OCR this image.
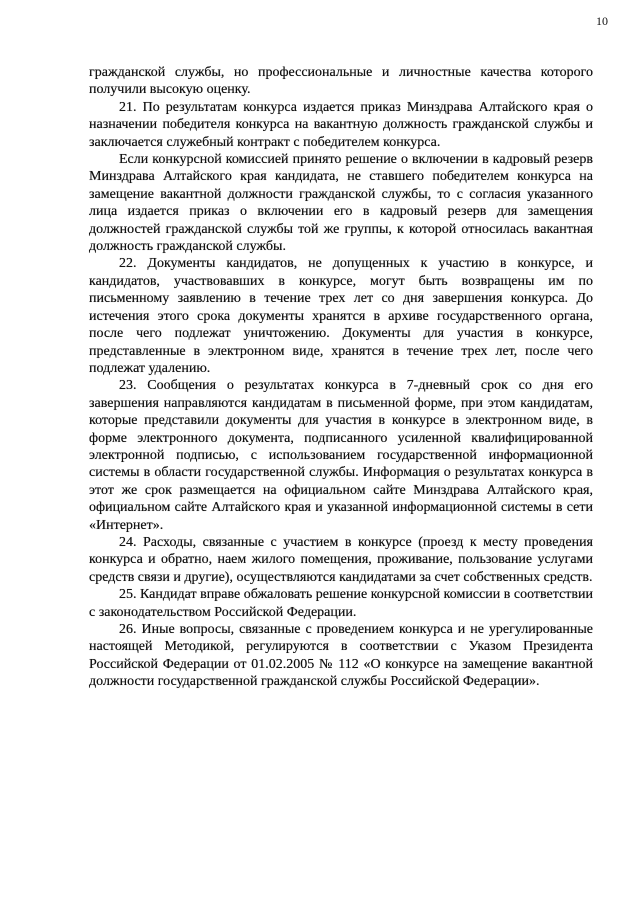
10

гражданской службы, но профессиональные и личностные качества которого получили высокую оценку.

21. По результатам конкурса издается приказ Минздрава Алтайского края о назначении победителя конкурса на вакантную должность гражданской службы и заключается служебный контракт с победителем конкурса.

Если конкурсной комиссией принято решение о включении в кадровый резерв Минздрава Алтайского края кандидата, не ставшего победителем конкурса на замещение вакантной должности гражданской службы, то с согласия указанного лица издается приказ о включении его в кадровый резерв для замещения должностей гражданской службы той же группы, к которой относилась вакантная должность гражданской службы.

22. Документы кандидатов, не допущенных к участию в конкурсе, и кандидатов, участвовавших в конкурсе, могут быть возвращены им по письменному заявлению в течение трех лет со дня завершения конкурса. До истечения этого срока документы хранятся в архиве государственного органа, после чего подлежат уничтожению. Документы для участия в конкурсе, представленные в электронном виде, хранятся в течение трех лет, после чего подлежат удалению.

23. Сообщения о результатах конкурса в 7-дневный срок со дня его завершения направляются кандидатам в письменной форме, при этом кандидатам, которые представили документы для участия в конкурсе в электронном виде, в форме электронного документа, подписанного усиленной квалифицированной электронной подписью, с использованием государственной информационной системы в области государственной службы. Информация о результатах конкурса в этот же срок размещается на официальном сайте Минздрава Алтайского края, официальном сайте Алтайского края и указанной информационной системы в сети «Интернет».

24. Расходы, связанные с участием в конкурсе (проезд к месту проведения конкурса и обратно, наем жилого помещения, проживание, пользование услугами средств связи и другие), осуществляются кандидатами за счет собственных средств.

25. Кандидат вправе обжаловать решение конкурсной комиссии в соответствии с законодательством Российской Федерации.

26. Иные вопросы, связанные с проведением конкурса и не урегулированные настоящей Методикой, регулируются в соответствии с Указом Президента Российской Федерации от 01.02.2005 № 112 «О конкурсе на замещение вакантной должности государственной гражданской службы Российской Федерации».
